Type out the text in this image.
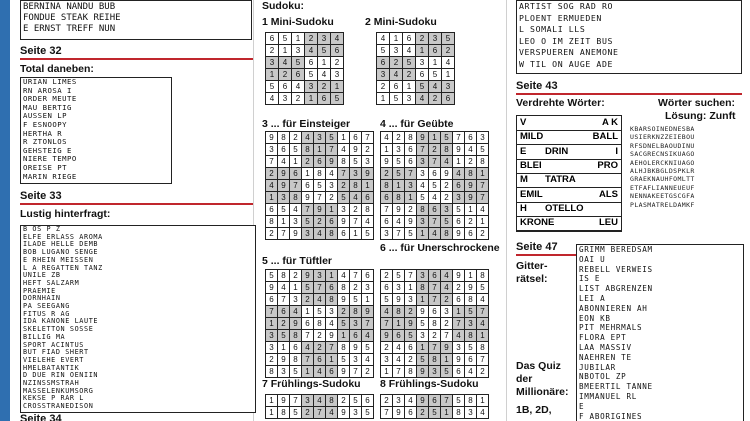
BERNINA NANDU BUB
FONDUE STEAK REIHE
E ERNST TREFF NUN
Seite 32
Total daneben:
URIAN LIMES
RN AROSA I
ORDER MEUTE
MAU BERTIG
AUSSEN LP
F ESNOOPY
HERTHA R
R ZTONLOS
GEHSTEIG E
NIERE TEMPO
OREISE PT
MARIN RIEGE
Seite 33
Lustig hinterfragt:
B OS P Z
ELFE ERLASS AROMA
ILADE HELLE DEMB
BOB LUGANO SENGE
E RHEIN MEISSEN
L A REGATTEN TANZ
UNILE ZB
HEFT SALZARM
PRAEMIE
DORNHAIN
PA SEEGANG
FITUS R AG
IDA KANONE LAUTE
SKELETTON SOSSE
BILLIG MA
SPORT ACINTUS
BUT FIAD SHERT
VIELEHE EVERT
HMELBATANTIK
D DUE RIN OENIIN
NZINSSMSTRAH
MASSELENKUMSORG
KEKSE P RAR L
CROSSTRANEDISON
Seite 34
Sudoku:
1 Mini-Sudoku	2 Mini-Sudoku
3 ... für Einsteiger	4 ... für Geübte
5 ... für Tüftler
6 ... für Unerschrockene
7 Frühlings-Sudoku 8 Frühlings-Sudoku
6	5	1	2	3	4
2	1	3	4	5	6
3	4	5	6	1	2
1	2	6	5	4	3
5	6	4	3	2	1
4	3	2	1	6	5
4	1	6	2	3	5
5	3	4	1	6	2
6	2	5	3	1	4
3	4	2	6	5	1
2	6	1	5	4	3
1	5	3	4	2	6
9 8 2 4 3 5 1 6 7
3 6 5 8 1 7 4 9 2
7 4 1 2 6 9 8 5 3
2 9 6 1 8 4 7 3 9
4 9 7 6 5 3 2 8 1
1 3 8 9 7 2 5 4 6
6 5 4 7 9 1 3 2 8
8 1 3 5 2 6 9 7 4
2 7 9 3 4 8 6 1 5
4 2 8 9 1 5 7 6 3
1 3 6 7 2 8 9 4 5
9 5 6 3 7 4 1 2 8
2 5 7 3 6 9 4 8 1
8 1 3 4 5 2 6 9 7
6 8 1 5 4 2 3 9 7
7 9 2 8 6 3 5 1 4
6 4 9 3 7 5 6 2 1
3 7 5 1 4 8 9 6 2
5 8 2 9 3 1 4 7 6
9 4 1 5 7 6 8 2 3
6 7 3 2 4 8 9 5 1
7 6 4 1 5 3 2 8 9
1 2 9 6 8 4 5 3 7
3 5 8 7 2 9 1 6 4
3 1 6 4 2 7 8 9 5
2 9 8 7 6 1 5 3 4
8 3 5 1 4 6 9 7 2
2 5 7 3 6 4 9 1 8
6 3 1 8 7 4 2 9 5
5 9 3 1 7 2 6 8 4
4 8 2 9 6 3 1 5 7
7 1 9 5 8 2 7 3 4
9 6 5 3 2 7 4 8 1
2 4 6 1 7 9 3 5 8
3 4 2 5 8 1 9 6 7
1 7 8 9 3 5 6 4 2
1 9 7 3 4 8 2 5 6
1 8 5 2 7 4 9 3 5
2 3 4 9 6 7 5 8 1
7 9 6 2 5 1 8 3 4
ARTIST SOG RAD RO
PLOENT ERMUEDEN
L SOMALI LLS
LEO O IM ZEIT BUS
VERSPUEREN ANEMONE
W TIL ON AUGE ADE
Seite 43
Verdrehte Wörter:	Wörter suchen:
Lösung: Zunft
V	A K
MILD	BALL
E DRIN	I
BLEI	PRO
M TATRA
EMIL	ALS
H OTELLO
KRONE	LEU
KBARSOINEDNESBA
USIERKNZZEIEBOU
RFSDNELBAOUDINU
SACGRECNSIKUAGO
AEHOLERCKNIUAGO
ALHJBKBGLDSPKLR
GRAEKNAUHFOMLTT
ETFAFLIANNEUEUF
NENNAKEETGSCGFA
PLASMATRELDAMKF
Seite 47
Gitter-
rätsel:
Das Quiz
der
Millionäre:
1B, 2D,
GRIMM BEREDSAM
OAI U
REBELL VERWEIS
IS E
LIST ABGRENZEN
LEI A
ABONNIEREN AH
EON KB
PIT MEHRMALS
FLORA EPT
LAA MASSIV
NAEHREN TE
JUBILAR
NBOTOL ZP
BMEERTIL TANNE
IMMANUEL RL
E
F ABORIGINES
